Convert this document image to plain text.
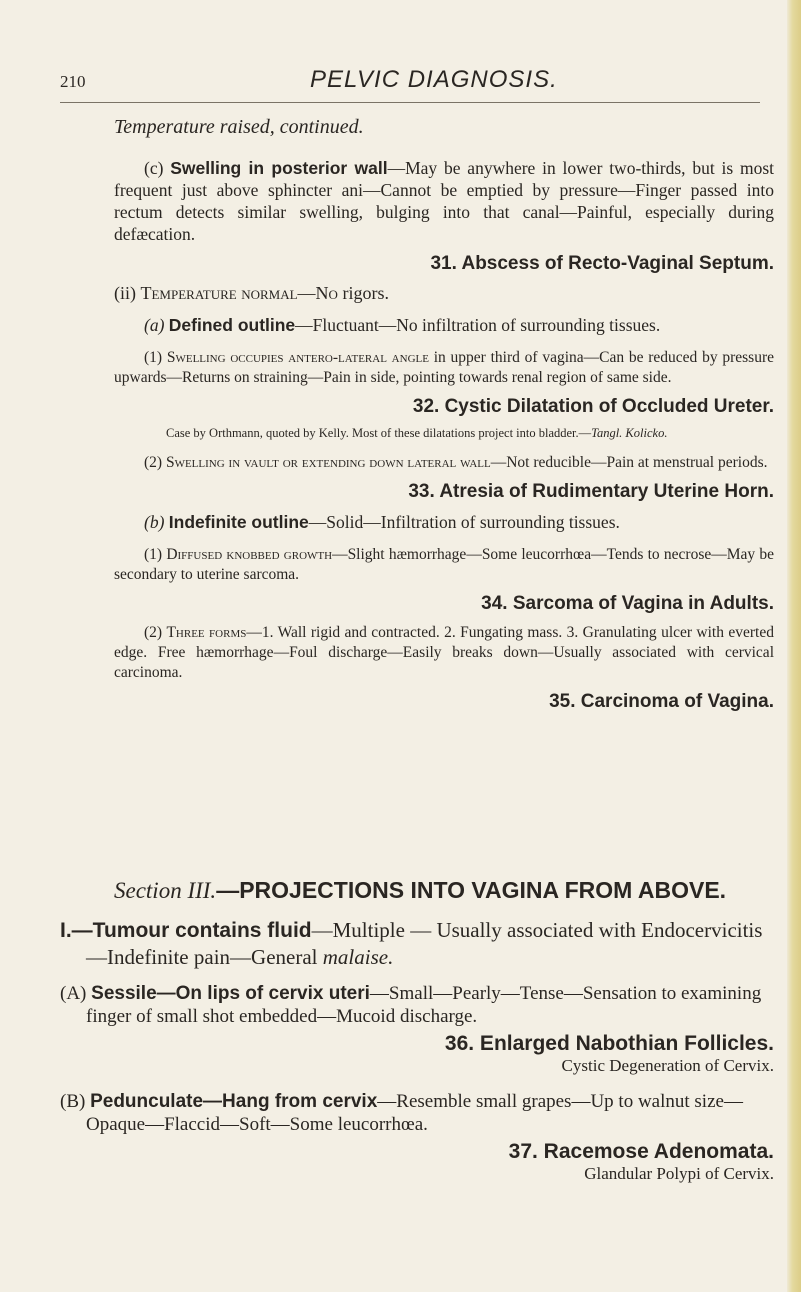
210	PELVIC DIAGNOSIS.
Temperature raised, continued.

(c) Swelling in posterior wall—May be anywhere in lower two-thirds, but is most frequent just above sphincter ani—Cannot be emptied by pressure—Finger passed into rectum detects similar swelling, bulging into that canal—Painful, especially during defæcation.

31. Abscess of Recto-Vaginal Septum.

(ii) Temperature normal—No rigors.

(a) Defined outline—Fluctuant—No infiltration of surrounding tissues.

(1) Swelling occupies antero-lateral angle in upper third of vagina—Can be reduced by pressure upwards—Returns on straining—Pain in side, pointing towards renal region of same side.

32. Cystic Dilatation of Occluded Ureter.

Case by Orthmann, quoted by Kelly. Most of these dilatations project into bladder.—Tangl. Kolicko.

(2) Swelling in vault or extending down lateral wall—Not reducible—Pain at menstrual periods.

33. Atresia of Rudimentary Uterine Horn.

(b) Indefinite outline—Solid—Infiltration of surrounding tissues.

(1) Diffused knobbed growth—Slight hæmorrhage—Some leucorrhœa—Tends to necrose—May be secondary to uterine sarcoma.

34. Sarcoma of Vagina in Adults.

(2) Three forms—1. Wall rigid and contracted. 2. Fungating mass. 3. Granulating ulcer with everted edge. Free hæmorrhage—Foul discharge—Easily breaks down—Usually associated with cervical carcinoma.

35. Carcinoma of Vagina.
Section III.—PROJECTIONS INTO VAGINA FROM ABOVE.

I.—Tumour contains fluid—Multiple — Usually associated with Endocervicitis—Indefinite pain—General malaise.

(A) Sessile—On lips of cervix uteri—Small—Pearly—Tense—Sensation to examining finger of small shot embedded—Mucoid discharge.

36. Enlarged Nabothian Follicles.
Cystic Degeneration of Cervix.

(B) Pedunculate—Hang from cervix—Resemble small grapes—Up to walnut size—Opaque—Flaccid—Soft—Some leucorrhœa.

37. Racemose Adenomata.
Glandular Polypi of Cervix.
